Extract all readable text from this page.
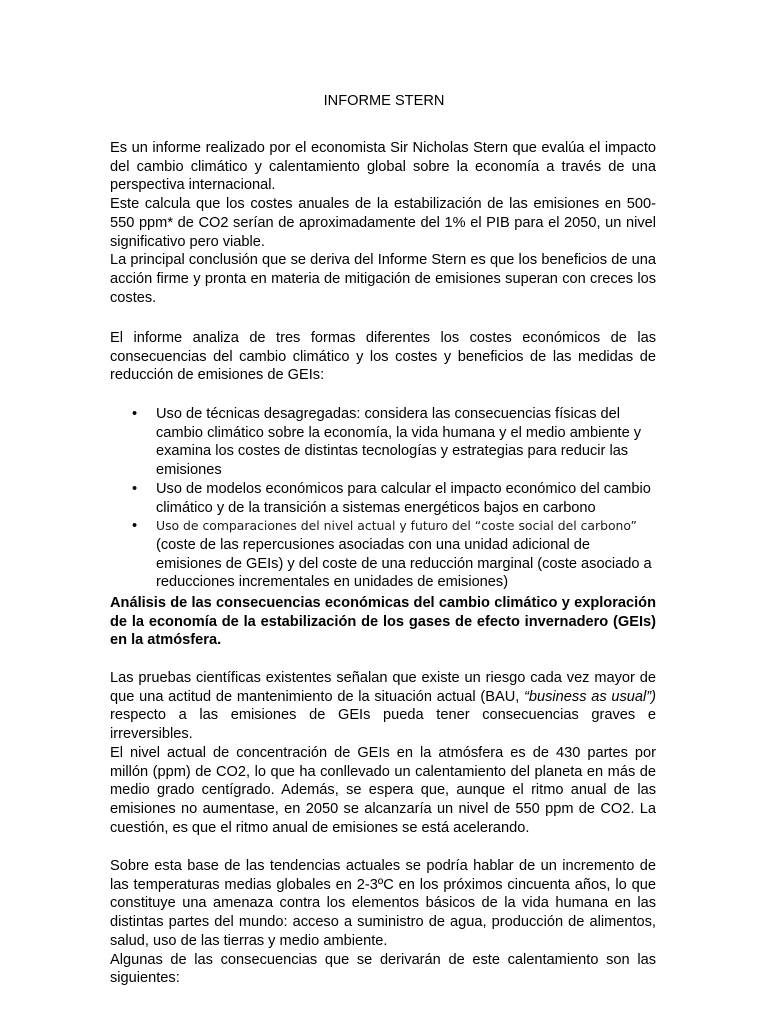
INFORME STERN

Es un informe realizado por el economista Sir Nicholas Stern que evalúa el impacto del cambio climático y calentamiento global sobre la economía a través de una perspectiva internacional.

Este calcula que los costes anuales de la estabilización de las emisiones en 500-550 ppm* de CO2 serían de aproximadamente del 1% el PIB para el 2050, un nivel significativo pero viable.

La principal conclusión que se deriva del Informe Stern es que los beneficios de una acción firme y pronta en materia de mitigación de emisiones superan con creces los costes.

El informe analiza de tres formas diferentes los costes económicos de las consecuencias del cambio climático y los costes y beneficios de las medidas de reducción de emisiones de GEIs:

• Uso de técnicas desagregadas: considera las consecuencias físicas del cambio climático sobre la economía, la vida humana y el medio ambiente y examina los costes de distintas tecnologías y estrategias para reducir las emisiones
• Uso de modelos económicos para calcular el impacto económico del cambio climático y de la transición a sistemas energéticos bajos en carbono
• Uso de comparaciones del nivel actual y futuro del “coste social del carbono” (coste de las repercusiones asociadas con una unidad adicional de emisiones de GEIs) y del coste de una reducción marginal (coste asociado a reducciones incrementales en unidades de emisiones)

Análisis de las consecuencias económicas del cambio climático y exploración de la economía de la estabilización de los gases de efecto invernadero (GEIs) en la atmósfera.

Las pruebas científicas existentes señalan que existe un riesgo cada vez mayor de que una actitud de mantenimiento de la situación actual (BAU, “business as usual”) respecto a las emisiones de GEIs pueda tener consecuencias graves e irreversibles.

El nivel actual de concentración de GEIs en la atmósfera es de 430 partes por millón (ppm) de CO2, lo que ha conllevado un calentamiento del planeta en más de medio grado centígrado. Además, se espera que, aunque el ritmo anual de las emisiones no aumentase, en 2050 se alcanzaría un nivel de 550 ppm de CO2. La cuestión, es que el ritmo anual de emisiones se está acelerando.

Sobre esta base de las tendencias actuales se podría hablar de un incremento de las temperaturas medias globales en 2-3ºC en los próximos cincuenta años, lo que constituye una amenaza contra los elementos básicos de la vida humana en las distintas partes del mundo: acceso a suministro de agua, producción de alimentos, salud, uso de las tierras y medio ambiente.

Algunas de las consecuencias que se derivarán de este calentamiento son las siguientes:
